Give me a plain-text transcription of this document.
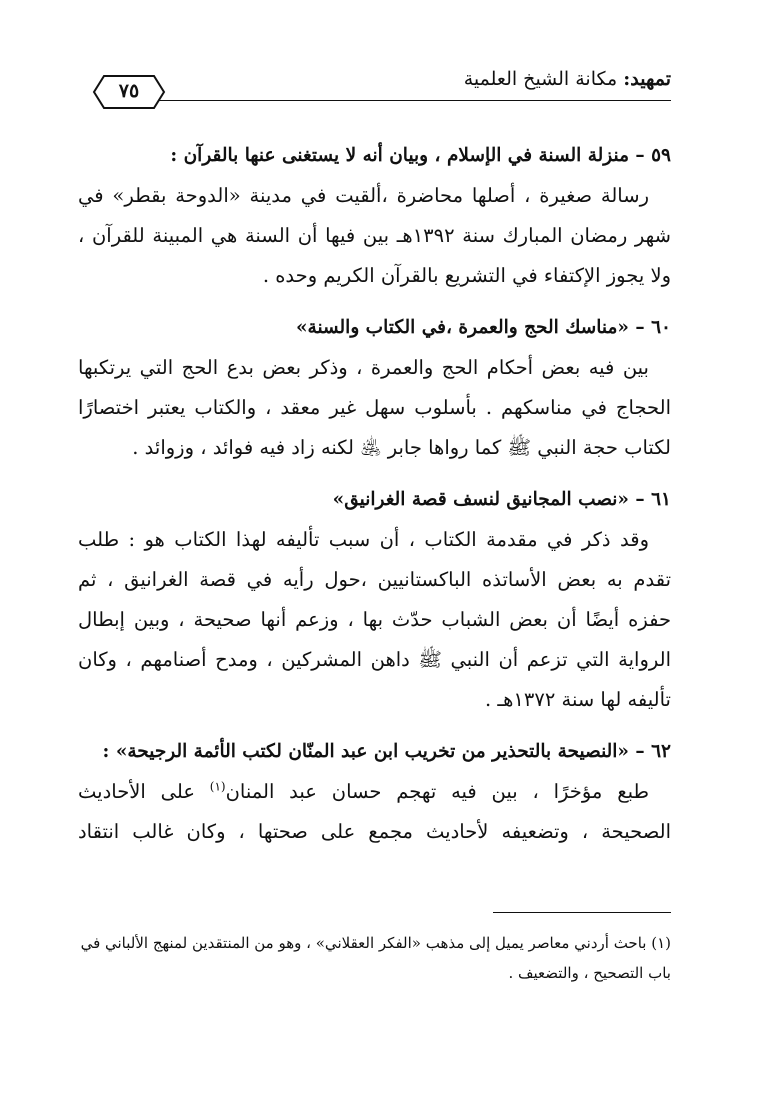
تمهيد: مكانة الشيخ العلمية
٧٥
٥٩ – منزلة السنة في الإسلام ، وبيان أنه لا يستغنى عنها بالقرآن :
رسالة صغيرة ، أصلها محاضرة ،ألقيت في مدينة «الدوحة بقطر» في
شهر رمضان المبارك سنة ١٣٩٢هـ بين فيها أن السنة هي المبينة للقرآن ،
ولا يجوز الإكتفاء في التشريع بالقرآن الكريم وحده .
٦٠ – «مناسك الحج والعمرة ،في الكتاب والسنة»
بين فيه بعض أحكام الحج والعمرة ، وذكر بعض بدع الحج التي يرتكبها
الحجاج في مناسكهم . بأسلوب سهل غير معقد ، والكتاب يعتبر اختصارًا
لكتاب حجة النبي ﷺ كما رواها جابر ﵁ لكنه زاد فيه فوائد ، وزوائد .
٦١ – «نصب المجانيق لنسف قصة الغرانيق»
وقد ذكر في مقدمة الكتاب ، أن سبب تأليفه لهذا الكتاب هو : طلب
تقدم به بعض الأساتذه الباكستانيين ،حول رأيه في قصة الغرانيق ، ثم
حفزه أيضًا أن بعض الشباب حدّث بها ، وزعم أنها صحيحة ، وبين إبطال
الرواية التي تزعم أن النبي ﷺ داهن المشركين ، ومدح أصنامهم ، وكان
تأليفه لها سنة ١٣٧٢هـ .
٦٢ – «النصيحة بالتحذير من تخريب ابن عبد المنّان لكتب الأئمة الرجيحة» :
طبع مؤخرًا ، بين فيه تهجم حسان عبد المنان$^{(١)}$ على الأحاديث
الصحيحة ، وتضعيفه لأحاديث مجمع على صحتها ، وكان غالب انتقاد
(١) باحث أردني معاصر يميل إلى مذهب «الفكر العقلاني» ، وهو من المنتقدين لمنهج الألباني في
باب التصحيح ، والتضعيف .
